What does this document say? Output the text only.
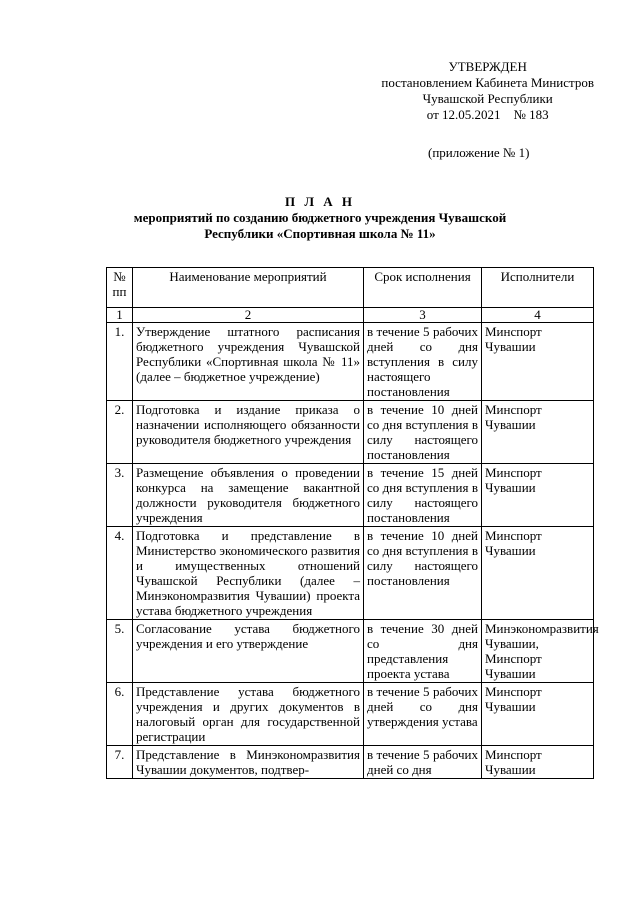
УТВЕРЖДЕН
постановлением Кабинета Министров
Чувашской Республики
от 12.05.2021    № 183
(приложение № 1)
П Л А Н
мероприятий по созданию бюджетного учреждения Чувашской
Республики «Спортивная школа № 11»
№ пп	Наименование мероприятий	Срок исполнения	Исполнители
1	2	3	4
1.	Утверждение штатного расписания бюджетного учреждения Чувашской Республики «Спортивная школа № 11» (далее – бюджетное учреждение)	в течение 5 рабочих дней со дня вступления в силу настоящего постановления	Минспорт Чувашии
2.	Подготовка и издание приказа о назначении исполняющего обязанности руководителя бюджетного учреждения	в течение 10 дней со дня вступления в силу настоящего постановления	Минспорт Чувашии
3.	Размещение объявления о проведении конкурса на замещение вакантной должности руководителя бюджетного учреждения	в течение 15 дней со дня вступления в силу настоящего постановления	Минспорт Чувашии
4.	Подготовка и представление в Министерство экономического развития и имущественных отношений Чувашской Республики (далее – Минэкономразвития Чувашии) проекта устава бюджетного учреждения	в течение 10 дней со дня вступления в силу настоящего постановления	Минспорт Чувашии
5.	Согласование устава бюджетного учреждения и его утверждение	в течение 30 дней со дня представления проекта устава	Минэкономразвития Чувашии, Минспорт Чувашии
6.	Представление устава бюджетного учреждения и других документов в налоговый орган для государственной регистрации	в течение 5 рабочих дней со дня утверждения устава	Минспорт Чувашии
7.	Представление в Минэкономразвития Чувашии документов, подтвер-	в течение 5 рабочих дней со дня	Минспорт Чувашии
